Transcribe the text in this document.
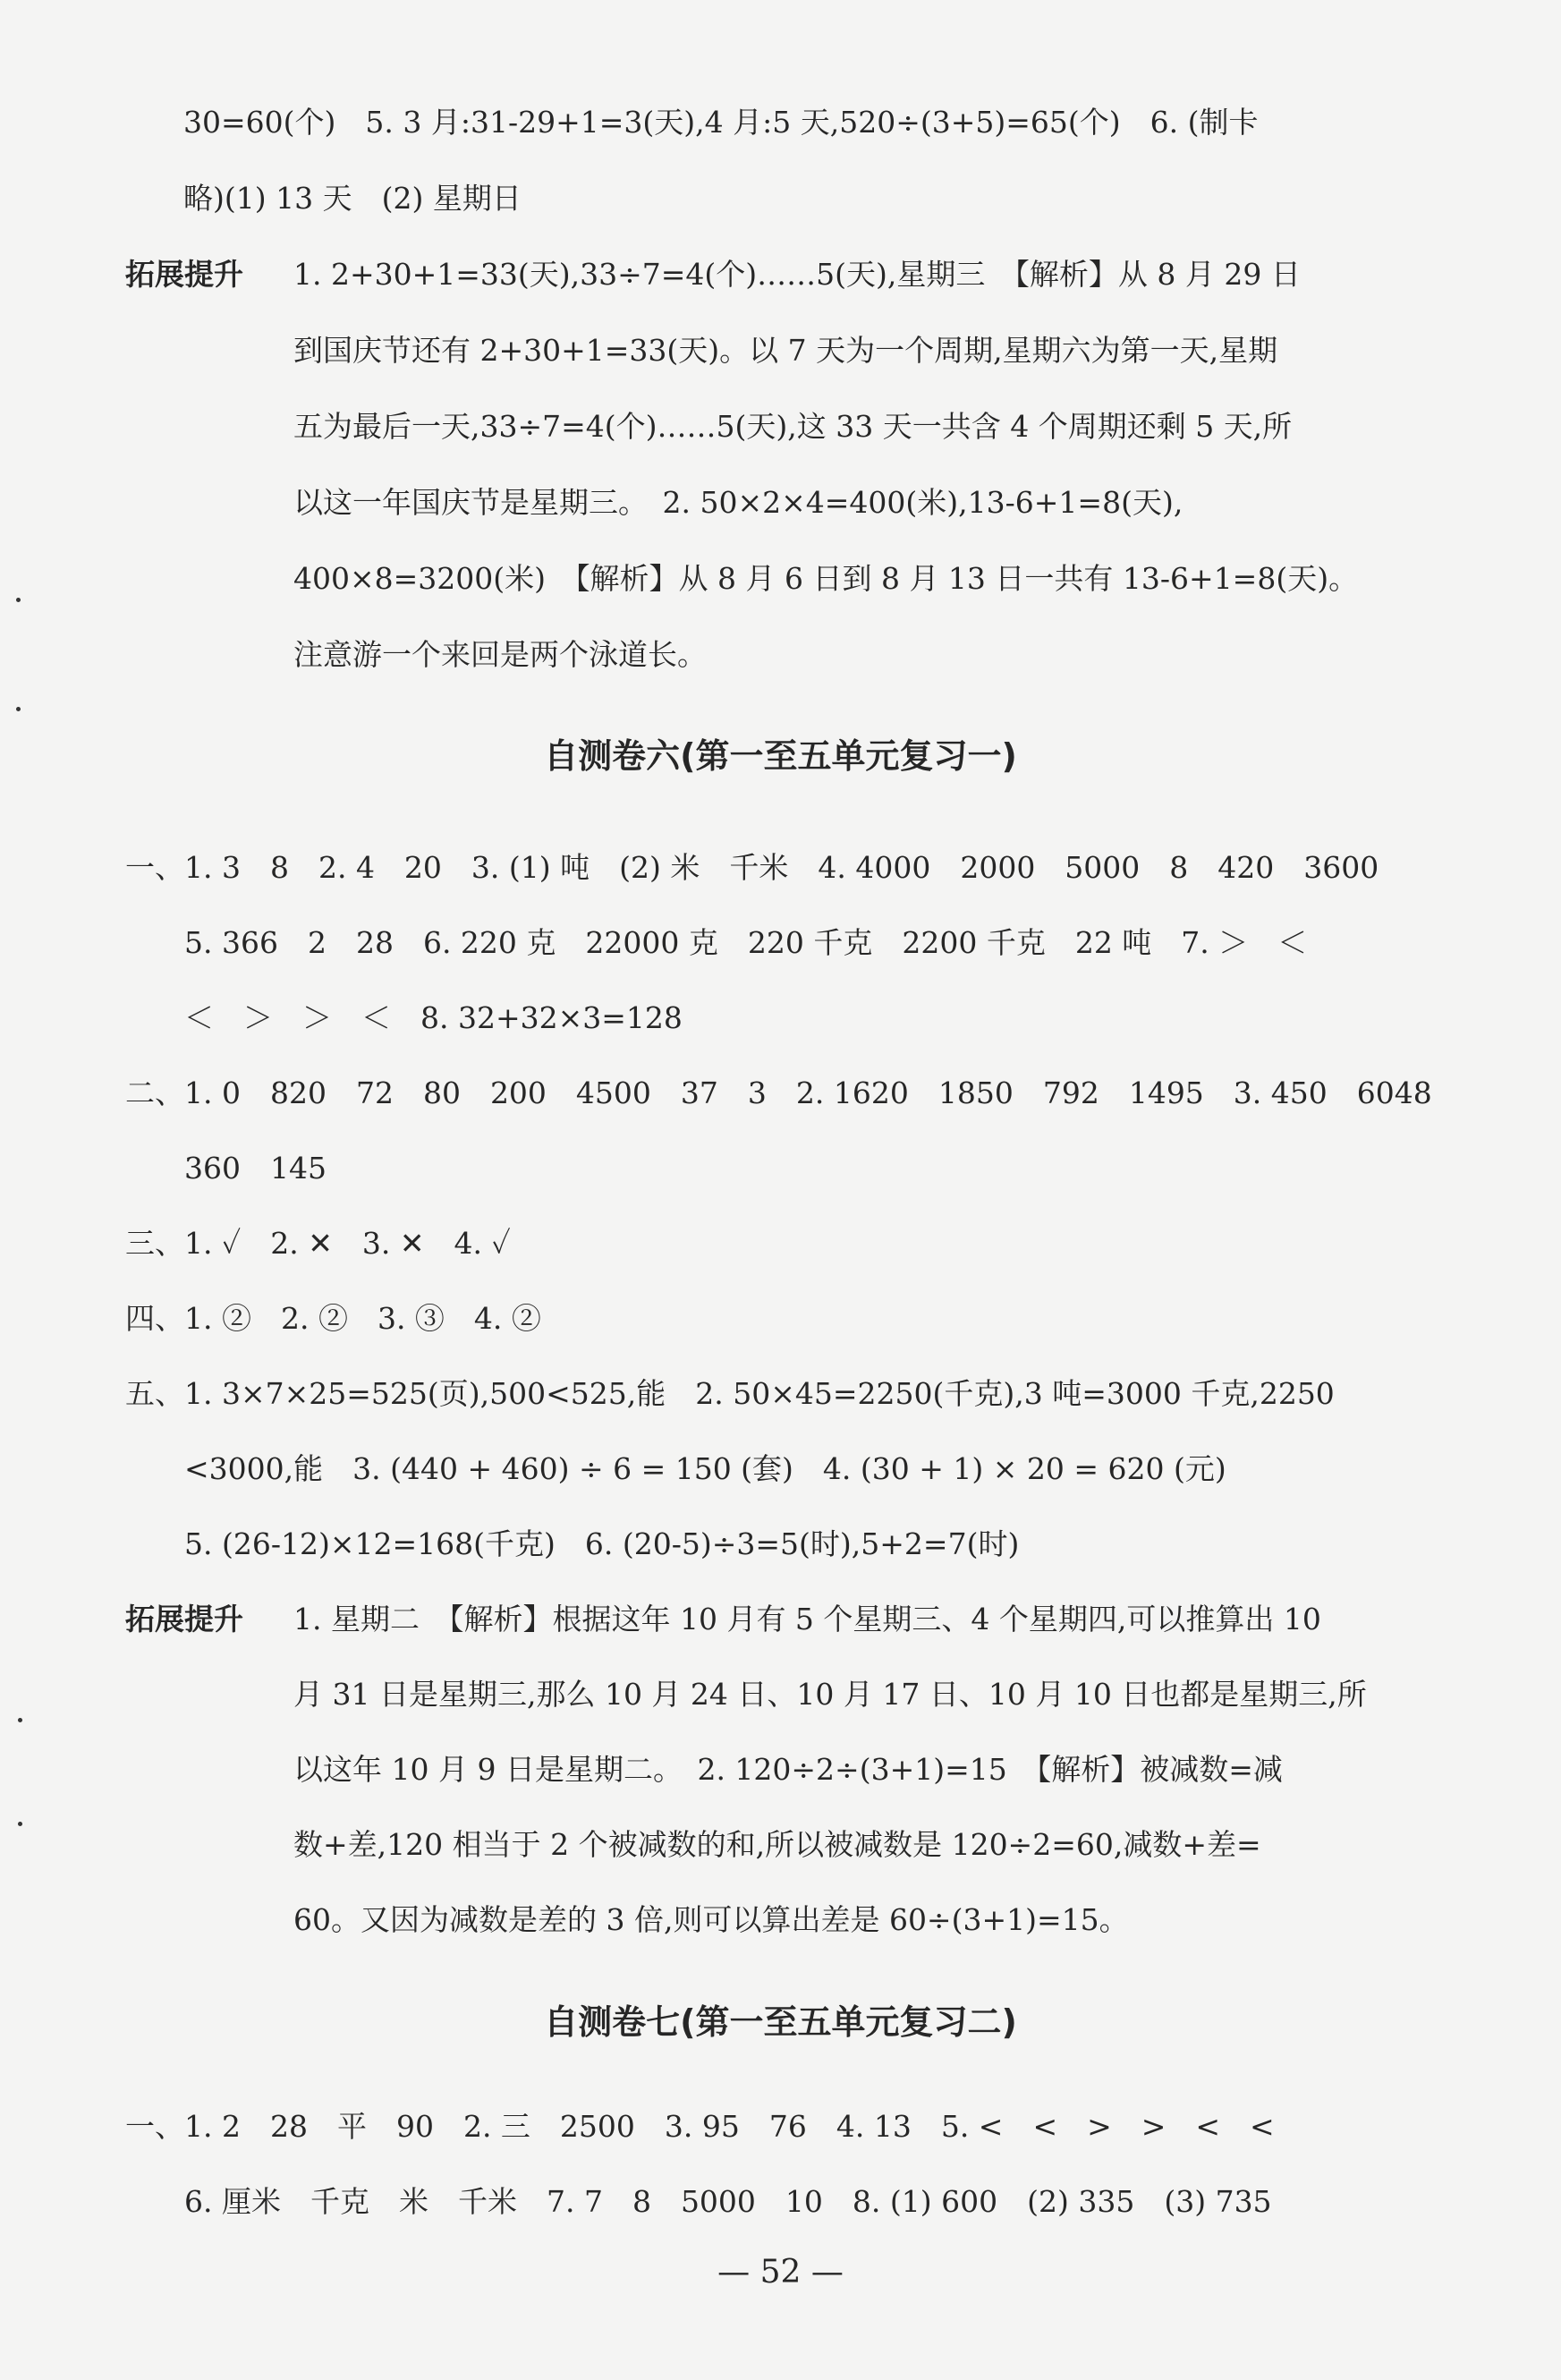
30=60(个)　5. 3 月:31-29+1=3(天),4 月:5 天,520÷(3+5)=65(个)　6. (制卡
略)(1) 13 天　(2) 星期日
拓展提升 1. 2+30+1=33(天),33÷7=4(个)……5(天),星期三　【解析】从 8 月 29 日
到国庆节还有 2+30+1=33(天)。以 7 天为一个周期,星期六为第一天,星期
五为最后一天,33÷7=4(个)……5(天),这 33 天一共含 4 个周期还剩 5 天,所
以这一年国庆节是星期三。　2. 50×2×4=400(米),13-6+1=8(天),
400×8=3200(米)　【解析】从 8 月 6 日到 8 月 13 日一共有 13-6+1=8(天)。
注意游一个来回是两个泳道长。
自测卷六(第一至五单元复习一)
一、1. 3　8　2. 4　20　3. (1) 吨　(2) 米　千米　4. 4000　2000　5000　8　420　3600
　　5. 366　2　28　6. 220 克　22000 克　220 千克　2200 千克　22 吨　7. ＞　＜
　　＜　＞　＞　＜　8. 32+32×3=128
二、1. 0　820　72　80　200　4500　37　3　2. 1620　1850　792　1495　3. 450　6048
　　360　145
三、1. ✓　2. ✕　3. ✕　4. ✓
四、1. ②　2. ②　3. ③　4. ②
五、1. 3×7×25=525(页),500<525,能　2. 50×45=2250(千克),3 吨=3000 千克,2250
　　<3000,能　3. (440 + 460) ÷ 6 = 150 (套)　4. (30 + 1) × 20 = 620 (元)
　　5. (26-12)×12=168(千克)　6. (20-5)÷3=5(时),5+2=7(时)
拓展提升 1. 星期二　【解析】根据这年 10 月有 5 个星期三、4 个星期四,可以推算出 10
月 31 日是星期三,那么 10 月 24 日、10 月 17 日、10 月 10 日也都是星期三,所
以这年 10 月 9 日是星期二。　2. 120÷2÷(3+1)=15　【解析】被减数=减
数+差,120 相当于 2 个被减数的和,所以被减数是 120÷2=60,减数+差=
60。又因为减数是差的 3 倍,则可以算出差是 60÷(3+1)=15。
自测卷七(第一至五单元复习二)
一、1. 2　28　平　90　2. 三　2500　3. 95　76　4. 13　5. <　<　>　>　<　<
　　6. 厘米　千克　米　千米　7. 7　8　5000　10　8. (1) 600　(2) 335　(3) 735
— 52 —
